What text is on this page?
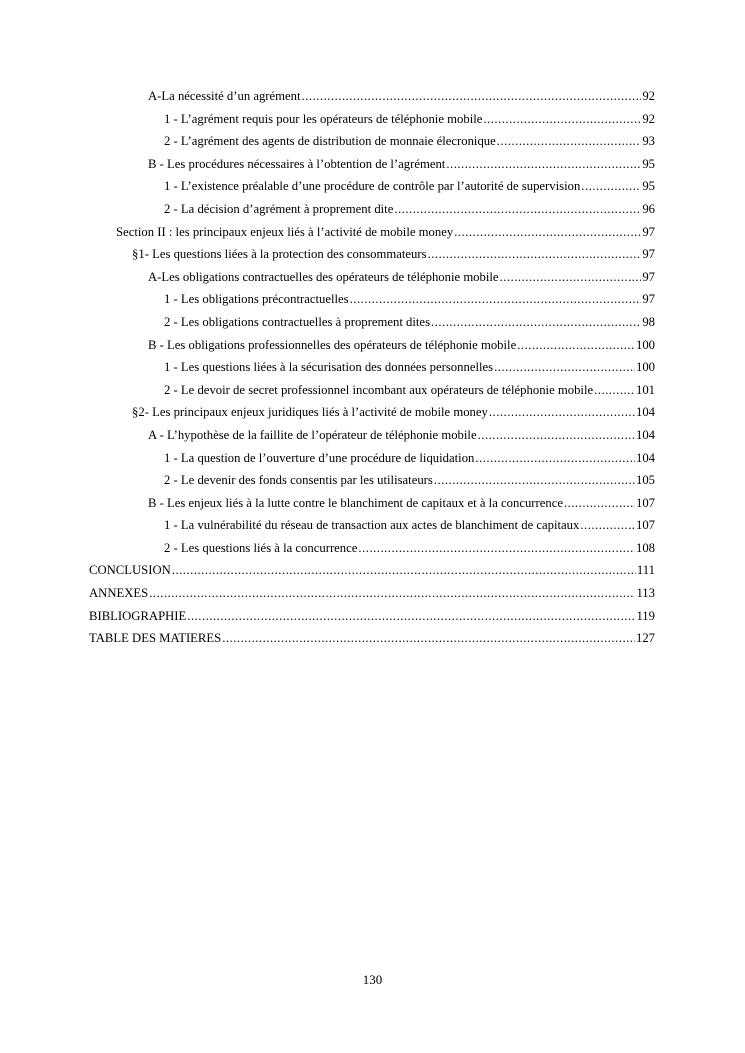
A-La nécessité d’un agrément .....	92
1 - L’agrément requis pour les opérateurs de téléphonie mobile .....	92
2 - L’agrément des agents de distribution de monnaie élecronique .....	93
B - Les procédures nécessaires à l’obtention de l’agrément .....	95
1 - L’existence préalable d’une procédure de contrôle par l’autorité de supervision .....	95
2 - La décision d’agrément à proprement dite .....	96
Section II : les principaux enjeux liés à l’activité de mobile money .....	97
§1- Les questions liées à la protection des consommateurs .....	97
A-Les obligations contractuelles des opérateurs de téléphonie mobile .....	97
1 - Les obligations précontractuelles .....	97
2 - Les obligations contractuelles à proprement dites .....	98
B - Les obligations professionnelles des opérateurs de téléphonie mobile .....	100
1 - Les questions liées à la sécurisation des données personnelles .....	100
2 - Le devoir de secret professionnel incombant aux opérateurs de téléphonie mobile .....	101
§2- Les principaux enjeux juridiques liés à l’activité de mobile money .....	104
A - L’hypothèse de la faillite de l’opérateur de téléphonie mobile .....	104
1 - La question de l’ouverture d’une procédure de liquidation .....	104
2 - Le devenir des fonds consentis par les utilisateurs .....	105
B - Les enjeux liés à la lutte contre le blanchiment de capitaux et à la concurrence .....	107
1 - La vulnérabilité du réseau de transaction aux actes de blanchiment de capitaux .....	107
2 - Les questions liés à la concurrence .....	108
CONCLUSION .....	111
ANNEXES .....	113
BIBLIOGRAPHIE .....	119
TABLE DES MATIERES .....	127
130
